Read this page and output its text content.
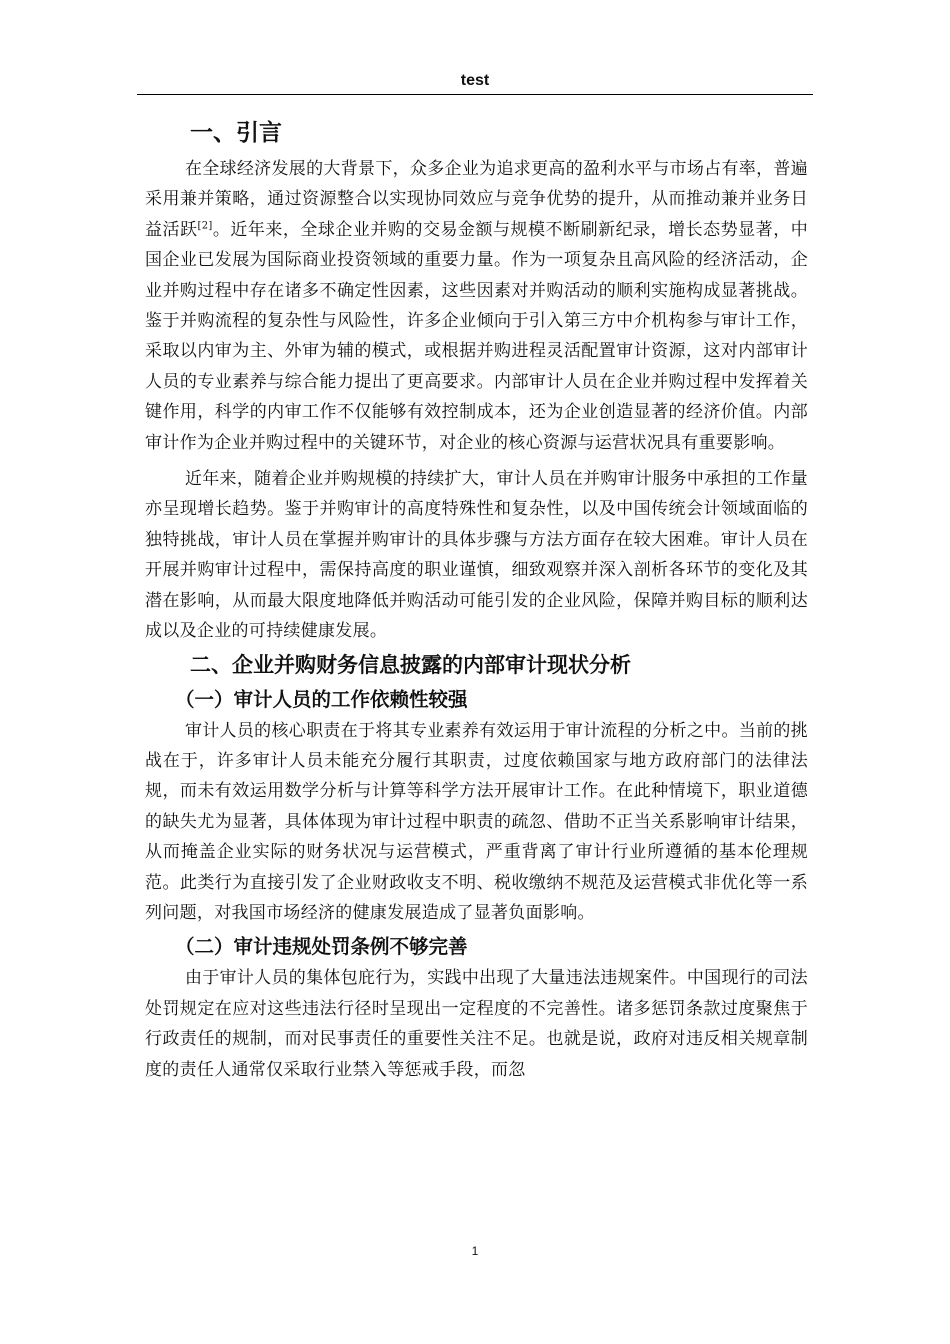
test
一、引言

在全球经济发展的大背景下，众多企业为追求更高的盈利水平与市场占有率，普遍采用兼并策略，通过资源整合以实现协同效应与竞争优势的提升，从而推动兼并业务日益活跃[2]。近年来，全球企业并购的交易金额与规模不断刷新纪录，增长态势显著，中国企业已发展为国际商业投资领域的重要力量。作为一项复杂且高风险的经济活动，企业并购过程中存在诸多不确定性因素，这些因素对并购活动的顺利实施构成显著挑战。鉴于并购流程的复杂性与风险性，许多企业倾向于引入第三方中介机构参与审计工作，采取以内审为主、外审为辅的模式，或根据并购进程灵活配置审计资源，这对内部审计人员的专业素养与综合能力提出了更高要求。内部审计人员在企业并购过程中发挥着关键作用，科学的内审工作不仅能够有效控制成本，还为企业创造显著的经济价值。内部审计作为企业并购过程中的关键环节，对企业的核心资源与运营状况具有重要影响。

近年来，随着企业并购规模的持续扩大，审计人员在并购审计服务中承担的工作量亦呈现增长趋势。鉴于并购审计的高度特殊性和复杂性，以及中国传统会计领域面临的独特挑战，审计人员在掌握并购审计的具体步骤与方法方面存在较大困难。审计人员在开展并购审计过程中，需保持高度的职业谨慎，细致观察并深入剖析各环节的变化及其潜在影响，从而最大限度地降低并购活动可能引发的企业风险，保障并购目标的顺利达成以及企业的可持续健康发展。

二、企业并购财务信息披露的内部审计现状分析
（一）审计人员的工作依赖性较强

审计人员的核心职责在于将其专业素养有效运用于审计流程的分析之中。当前的挑战在于，许多审计人员未能充分履行其职责，过度依赖国家与地方政府部门的法律法规，而未有效运用数学分析与计算等科学方法开展审计工作。在此种情境下，职业道德的缺失尤为显著，具体体现为审计过程中职责的疏忽、借助不正当关系影响审计结果，从而掩盖企业实际的财务状况与运营模式，严重背离了审计行业所遵循的基本伦理规范。此类行为直接引发了企业财政收支不明、税收缴纳不规范及运营模式非优化等一系列问题，对我国市场经济的健康发展造成了显著负面影响。

（二）审计违规处罚条例不够完善

由于审计人员的集体包庇行为，实践中出现了大量违法违规案件。中国现行的司法处罚规定在应对这些违法行径时呈现出一定程度的不完善性。诸多惩罚条款过度聚焦于行政责任的规制，而对民事责任的重要性关注不足。也就是说，政府对违反相关规章制度的责任人通常仅采取行业禁入等惩戒手段，而忽

1
